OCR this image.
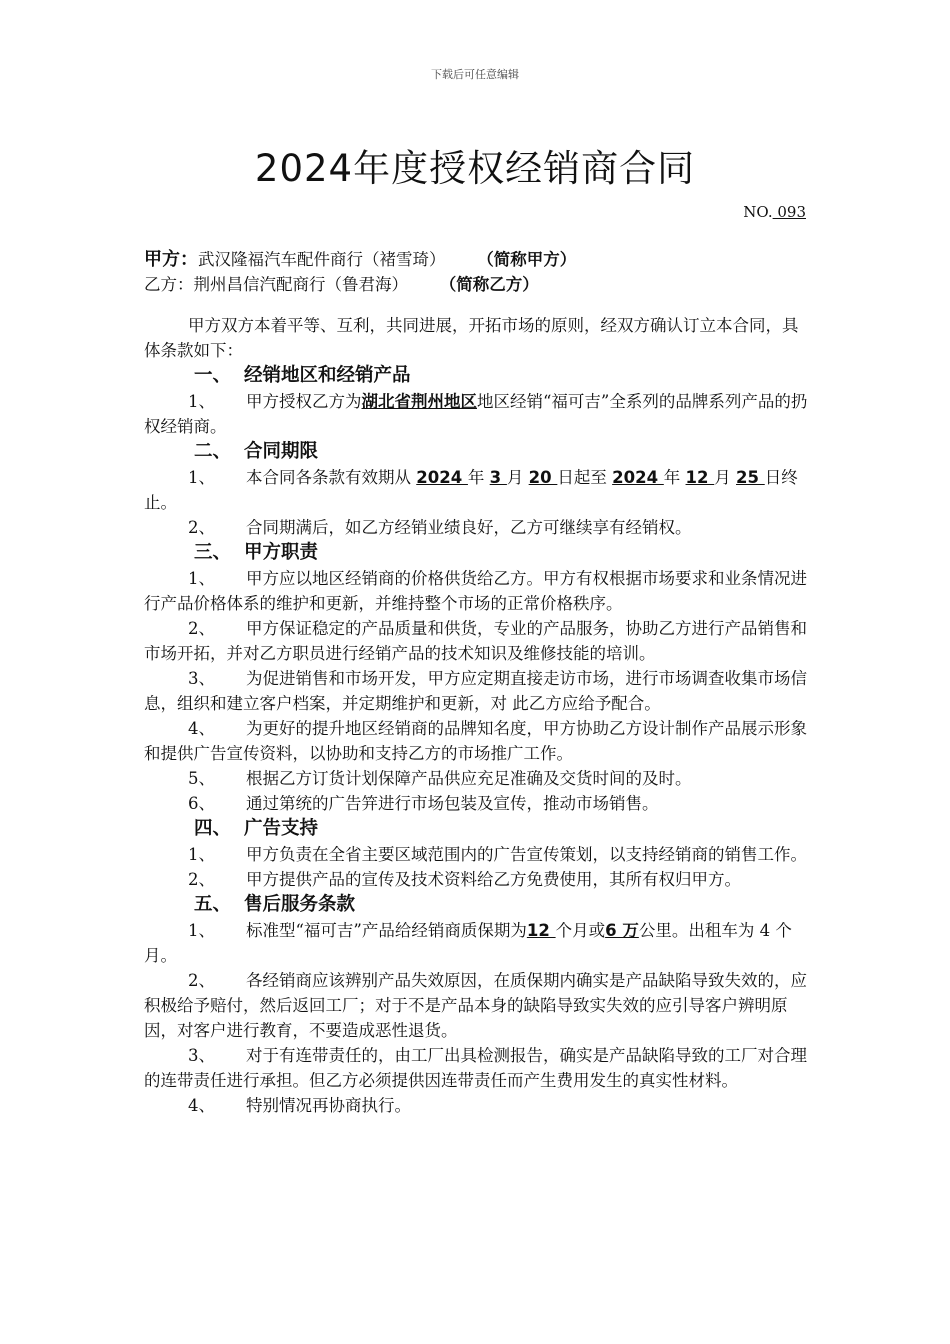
下载后可任意编辑
2024年度授权经销商合同
NO. 093
甲方：武汉隆福汽车配件商行（褚雪琦） （简称甲方）
乙方：荆州昌信汽配商行（鲁君海） （简称乙方）
甲方双方本着平等、互利，共同进展，开拓市场的原则，经双方确认订立本合同，具体条款如下：
一、 经销地区和经销产品
1、 甲方授权乙方为湖北省荆州地区地区经销“福可吉”全系列的品牌系列产品的扔权经销商。
二、 合同期限
1、 本合同各条款有效期从 2024 年 3 月 20 日起至 2024 年 12 月 25 日终止。
2、 合同期满后，如乙方经销业绩良好，乙方可继续享有经销权。
三、 甲方职责
1、 甲方应以地区经销商的价格供货给乙方。甲方有权根据市场要求和业条情况进行产品价格体系的维护和更新，并维持整个市场的正常价格秩序。
2、 甲方保证稳定的产品质量和供货，专业的产品服务，协助乙方进行产品销售和市场开拓，并对乙方职员进行经销产品的技术知识及维修技能的培训。
3、 为促进销售和市场开发，甲方应定期直接走访市场，进行市场调查收集市场信息，组织和建立客户档案，并定期维护和更新，对 此乙方应给予配合。
4、 为更好的提升地区经销商的品牌知名度，甲方协助乙方设计制作产品展示形象和提供广告宣传资料，以协助和支持乙方的市场推广工作。
5、 根据乙方订货计划保障产品供应充足准确及交货时间的及时。
6、 通过第统的广告笄进行市场包装及宣传，推动市场销售。
四、 广告支持
1、 甲方负责在全省主要区域范围内的广告宣传策划，以支持经销商的销售工作。
2、 甲方提供产品的宣传及技术资料给乙方免费使用，其所有权归甲方。
五、 售后服务条款
1、 标准型“福可吉”产品给经销商质保期为12 个月或6 万公里。出租车为 4 个月。
2、 各经销商应该辨别产品失效原因，在质保期内确实是产品缺陷导致失效的，应积极给予赔付，然后返回工厂；对于不是产品本身的缺陷导致实失效的应引导客户辨明原因，对客户进行教育，不要造成恶性退货。
3、 对于有连带责任的，由工厂出具检测报告，确实是产品缺陷导致的工厂对合理的连带责任进行承担。但乙方必须提供因连带责任而产生费用发生的真实性材料。
4、 特别情况再协商执行。
